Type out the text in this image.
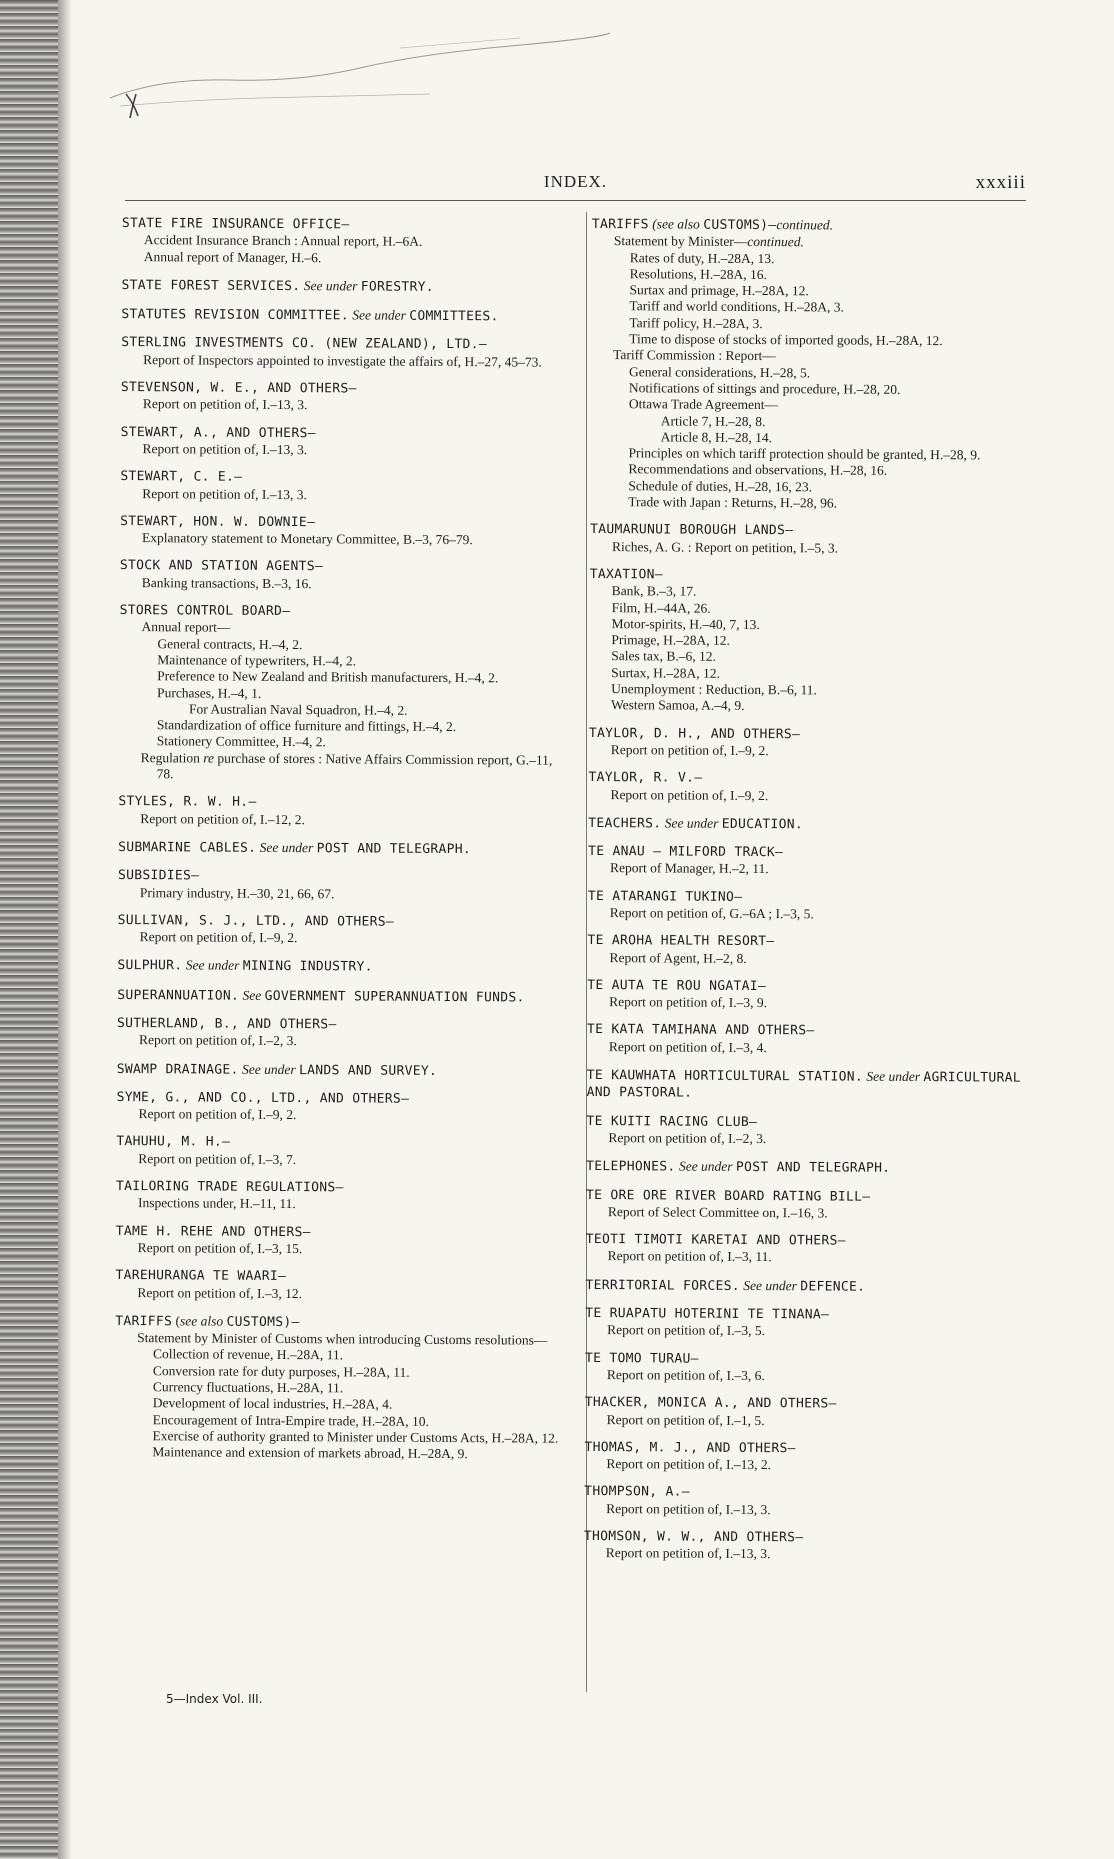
INDEX.	xxxiii
STATE FIRE INSURANCE OFFICE—
Accident Insurance Branch : Annual report, H.–6A.
Annual report of Manager, H.–6.
STATE FOREST SERVICES. See under FORESTRY.
STATUTES REVISION COMMITTEE. See under COMMITTEES.
STERLING INVESTMENTS CO. (NEW ZEALAND), LTD.—
Report of Inspectors appointed to investigate the affairs of, H.–27, 45–73.
STEVENSON, W. E., AND OTHERS—
Report on petition of, I.–13, 3.
STEWART, A., AND OTHERS—
Report on petition of, I.–13, 3.
STEWART, C. E.—
Report on petition of, I.–13, 3.
STEWART, HON. W. DOWNIE—
Explanatory statement to Monetary Committee, B.–3, 76–79.
STOCK AND STATION AGENTS—
Banking transactions, B.–3, 16.
STORES CONTROL BOARD—
Annual report—
General contracts, H.–4, 2.
Maintenance of typewriters, H.–4, 2.
Preference to New Zealand and British manufacturers, H.–4, 2.
Purchases, H.–4, 1.
For Australian Naval Squadron, H.–4, 2.
Standardization of office furniture and fittings, H.–4, 2.
Stationery Committee, H.–4, 2.
Regulation re purchase of stores : Native Affairs Commission report, G.–11, 78.
STYLES, R. W. H.—
Report on petition of, I.–12, 2.
SUBMARINE CABLES. See under POST AND TELEGRAPH.
SUBSIDIES—
Primary industry, H.–30, 21, 66, 67.
SULLIVAN, S. J., LTD., AND OTHERS—
Report on petition of, I.–9, 2.
SULPHUR. See under MINING INDUSTRY.
SUPERANNUATION. See GOVERNMENT SUPERANNUATION FUNDS.
SUTHERLAND, B., AND OTHERS—
Report on petition of, I.–2, 3.
SWAMP DRAINAGE. See under LANDS AND SURVEY.
SYME, G., AND CO., LTD., AND OTHERS—
Report on petition of, I.–9, 2.
TAHUHU, M. H.—
Report on petition of, I.–3, 7.
TAILORING TRADE REGULATIONS—
Inspections under, H.–11, 11.
TAME H. REHE AND OTHERS—
Report on petition of, I.–3, 15.
TAREHURANGA TE WAARI—
Report on petition of, I.–3, 12.
TARIFFS (see also CUSTOMS)—
Statement by Minister of Customs when introducing Customs resolutions—
Collection of revenue, H.–28A, 11.
Conversion rate for duty purposes, H.–28A, 11.
Currency fluctuations, H.–28A, 11.
Development of local industries, H.–28A, 4.
Encouragement of Intra-Empire trade, H.–28A, 10.
Exercise of authority granted to Minister under Customs Acts, H.–28A, 12.
Maintenance and extension of markets abroad, H.–28A, 9.
TARIFFS (see also CUSTOMS)—continued.
Statement by Minister—continued.
Rates of duty, H.–28A, 13.
Resolutions, H.–28A, 16.
Surtax and primage, H.–28A, 12.
Tariff and world conditions, H.–28A, 3.
Tariff policy, H.–28A, 3.
Time to dispose of stocks of imported goods, H.–28A, 12.
Tariff Commission : Report—
General considerations, H.–28, 5.
Notifications of sittings and procedure, H.–28, 20.
Ottawa Trade Agreement—
Article 7, H.–28, 8.
Article 8, H.–28, 14.
Principles on which tariff protection should be granted, H.–28, 9.
Recommendations and observations, H.–28, 16.
Schedule of duties, H.–28, 16, 23.
Trade with Japan : Returns, H.–28, 96.
TAUMARUNUI BOROUGH LANDS—
Riches, A. G. : Report on petition, I.–5, 3.
TAXATION—
Bank, B.–3, 17.
Film, H.–44A, 26.
Motor-spirits, H.–40, 7, 13.
Primage, H.–28A, 12.
Sales tax, B.–6, 12.
Surtax, H.–28A, 12.
Unemployment : Reduction, B.–6, 11.
Western Samoa, A.–4, 9.
TAYLOR, D. H., AND OTHERS—
Report on petition of, I.–9, 2.
TAYLOR, R. V.—
Report on petition of, I.–9, 2.
TEACHERS. See under EDUCATION.
TE ANAU – MILFORD TRACK—
Report of Manager, H.–2, 11.
TE ATARANGI TUKINO—
Report on petition of, G.–6A ; I.–3, 5.
TE AROHA HEALTH RESORT—
Report of Agent, H.–2, 8.
TE AUTA TE ROU NGATAI—
Report on petition of, I.–3, 9.
TE KATA TAMIHANA AND OTHERS—
Report on petition of, I.–3, 4.
TE KAUWHATA HORTICULTURAL STATION. See under AGRICULTURAL AND PASTORAL.
TE KUITI RACING CLUB—
Report on petition of, I.–2, 3.
TELEPHONES. See under POST AND TELEGRAPH.
TE ORE ORE RIVER BOARD RATING BILL—
Report of Select Committee on, I.–16, 3.
TEOTI TIMOTI KARETAI AND OTHERS—
Report on petition of, I.–3, 11.
TERRITORIAL FORCES. See under DEFENCE.
TE RUAPATU HOTERINI TE TINANA—
Report on petition of, I.–3, 5.
TE TOMO TURAU—
Report on petition of, I.–3, 6.
THACKER, MONICA A., AND OTHERS—
Report on petition of, I.–1, 5.
THOMAS, M. J., AND OTHERS—
Report on petition of, I.–13, 2.
THOMPSON, A.—
Report on petition of, I.–13, 3.
THOMSON, W. W., AND OTHERS—
Report on petition of, I.–13, 3.
5—Index Vol. III.
